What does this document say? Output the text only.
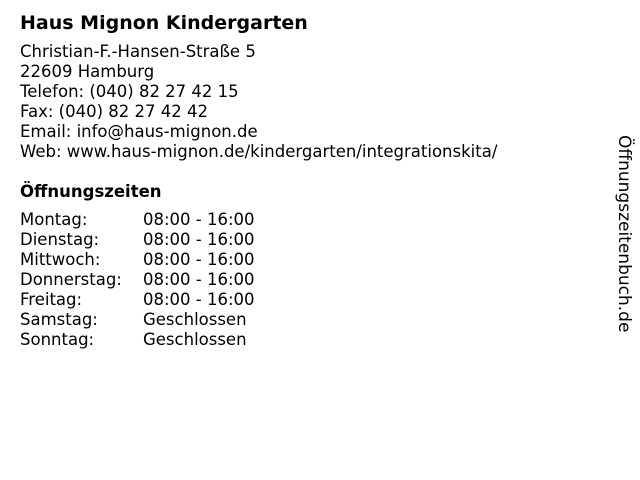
Haus Mignon Kindergarten
Christian-F.-Hansen-Straße 5
22609 Hamburg
Telefon: (040) 82 27 42 15
Fax: (040) 82 27 42 42
Email: info@haus-mignon.de
Web: www.haus-mignon.de/kindergarten/integrationskita/
Öffnungszeiten
Montag:	08:00 - 16:00
Dienstag:	08:00 - 16:00
Mittwoch:	08:00 - 16:00
Donnerstag:	08:00 - 16:00
Freitag:	08:00 - 16:00
Samstag:	Geschlossen
Sonntag:	Geschlossen
Öffnungszeitenbuch.de
